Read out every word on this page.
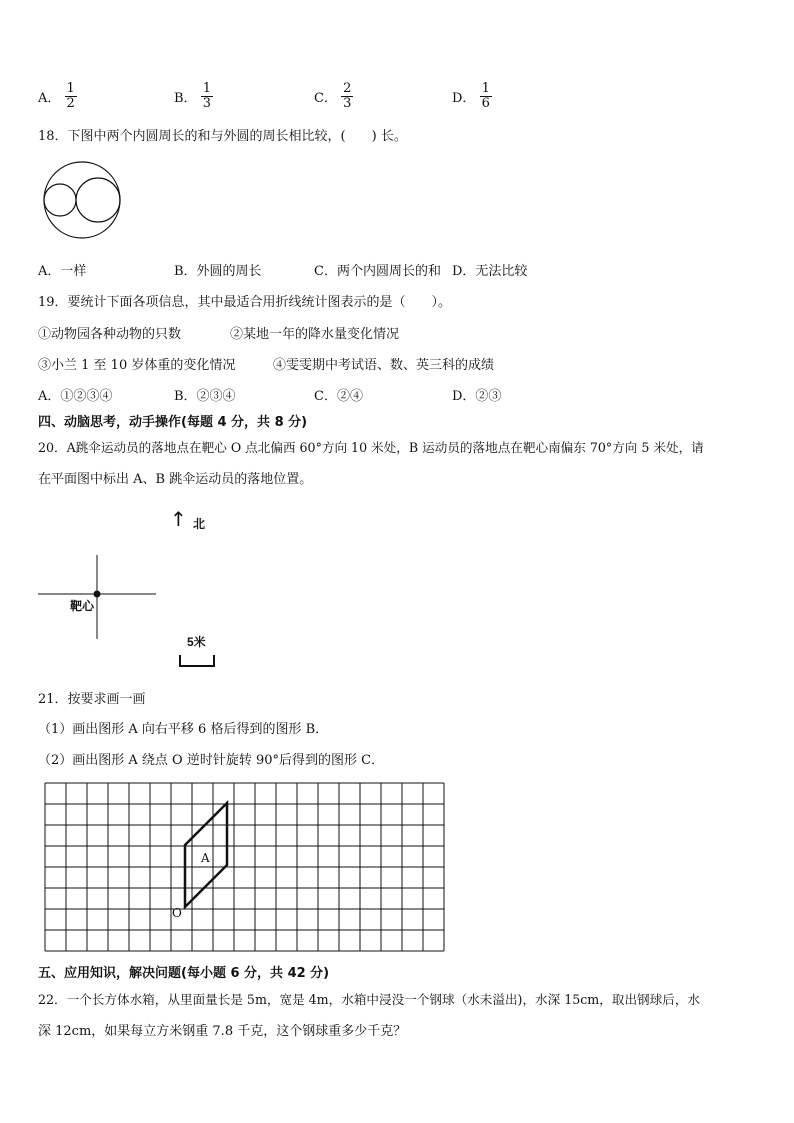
A． $\frac{1}{2}$	B． $\frac{1}{3}$	C． $\frac{2}{3}$	D． $\frac{1}{6}$
18．下图中两个内圆周长的和与外圆的周长相比较，(　　) 长。
A．一样	B．外圆的周长	C．两个内圆周长的和 D．无法比较
19．要统计下面各项信息，其中最适合用折线统计图表示的是（　　）。
①动物园各种动物的只数	②某地一年的降水量变化情况
③小兰 1 至 10 岁体重的变化情况	④雯雯期中考试语、数、英三科的成绩
A．①②③④	B．②③④	C．②④	D．②③
四、动脑思考，动手操作(每题 4 分，共 8 分)
20．A跳伞运动员的落地点在靶心 O 点北偏西 60°方向 10 米处，B 运动员的落地点在靶心南偏东 70°方向 5 米处，请
在平面图中标出 A、B 跳伞运动员的落地位置。
↑ 北
靶心
5米
21．按要求画一画
（1）画出图形 A 向右平移 6 格后得到的图形 B．
（2）画出图形 A 绕点 O 逆时针旋转 90°后得到的图形 C．
A
O
五、应用知识，解决问题(每小题 6 分，共 42 分)
22．一个长方体水箱，从里面量长是 5m，宽是 4m，水箱中浸没一个钢球（水未溢出)，水深 15cm，取出钢球后，水
深 12cm，如果每立方米钢重 7.8 千克，这个钢球重多少千克？
